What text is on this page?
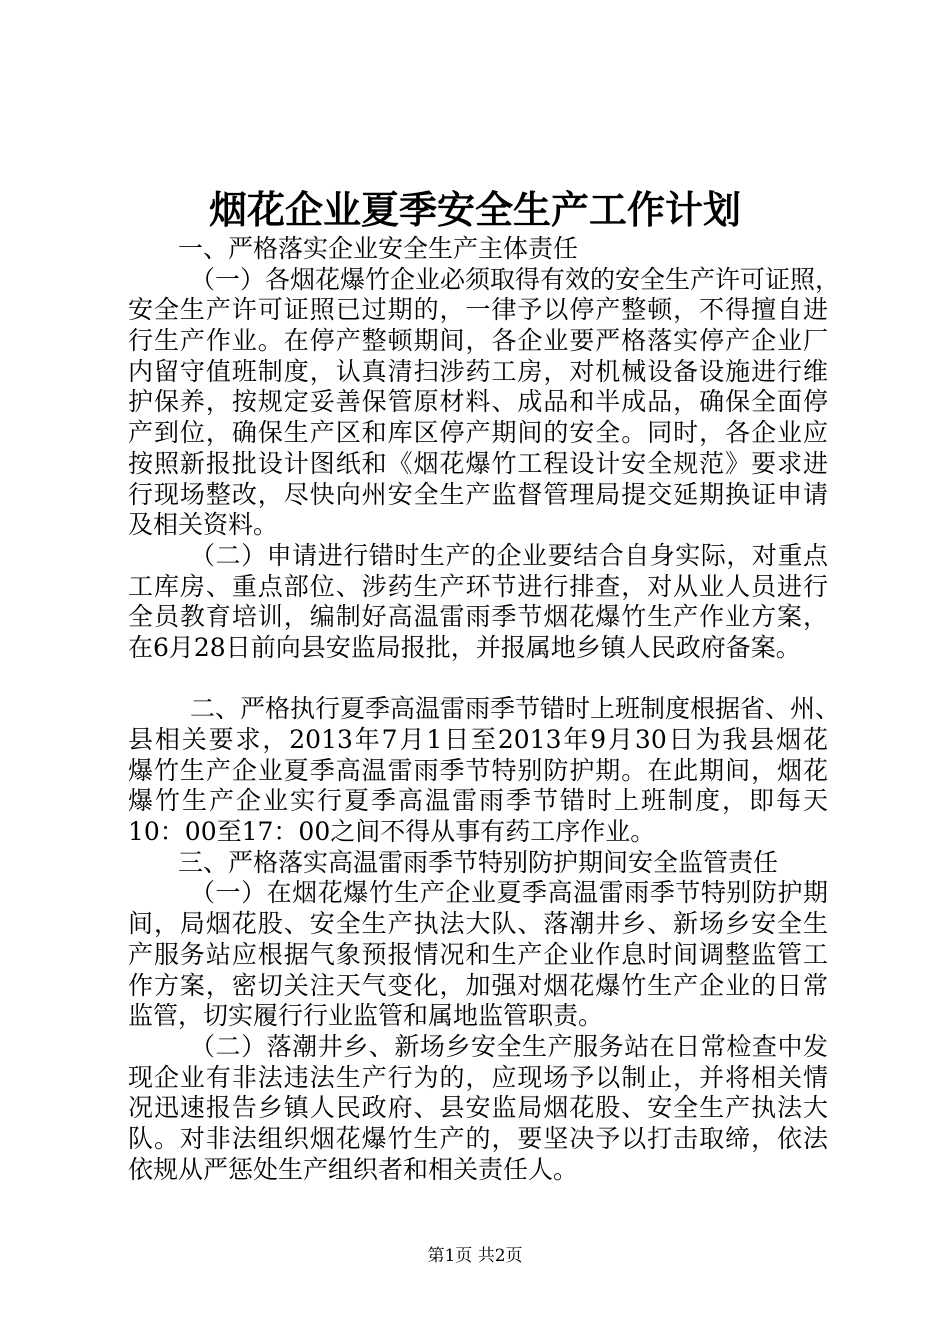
烟花企业夏季安全生产工作计划
一、严格落实企业安全生产主体责任
（一）各烟花爆竹企业必须取得有效的安全生产许可证照，
安全生产许可证照已过期的，一律予以停产整顿，不得擅自进
行生产作业。在停产整顿期间，各企业要严格落实停产企业厂
内留守值班制度，认真清扫涉药工房，对机械设备设施进行维
护保养，按规定妥善保管原材料、成品和半成品，确保全面停
产到位，确保生产区和库区停产期间的安全。同时，各企业应
按照新报批设计图纸和《烟花爆竹工程设计安全规范》要求进
行现场整改，尽快向州安全生产监督管理局提交延期换证申请
及相关资料。
（二）申请进行错时生产的企业要结合自身实际，对重点
工库房、重点部位、涉药生产环节进行排查，对从业人员进行
全员教育培训，编制好高温雷雨季节烟花爆竹生产作业方案，
在6月28日前向县安监局报批，并报属地乡镇人民政府备案。
二、严格执行夏季高温雷雨季节错时上班制度根据省、州、
县相关要求，2013年7月1日至2013年9月30日为我县烟花
爆竹生产企业夏季高温雷雨季节特别防护期。在此期间，烟花
爆竹生产企业实行夏季高温雷雨季节错时上班制度，即每天
10：00至17：00之间不得从事有药工序作业。
三、严格落实高温雷雨季节特别防护期间安全监管责任
（一）在烟花爆竹生产企业夏季高温雷雨季节特别防护期
间，局烟花股、安全生产执法大队、落潮井乡、新场乡安全生
产服务站应根据气象预报情况和生产企业作息时间调整监管工
作方案，密切关注天气变化，加强对烟花爆竹生产企业的日常
监管，切实履行行业监管和属地监管职责。
（二）落潮井乡、新场乡安全生产服务站在日常检查中发
现企业有非法违法生产行为的，应现场予以制止，并将相关情
况迅速报告乡镇人民政府、县安监局烟花股、安全生产执法大
队。对非法组织烟花爆竹生产的，要坚决予以打击取缔，依法
依规从严惩处生产组织者和相关责任人。
第1页 共2页
